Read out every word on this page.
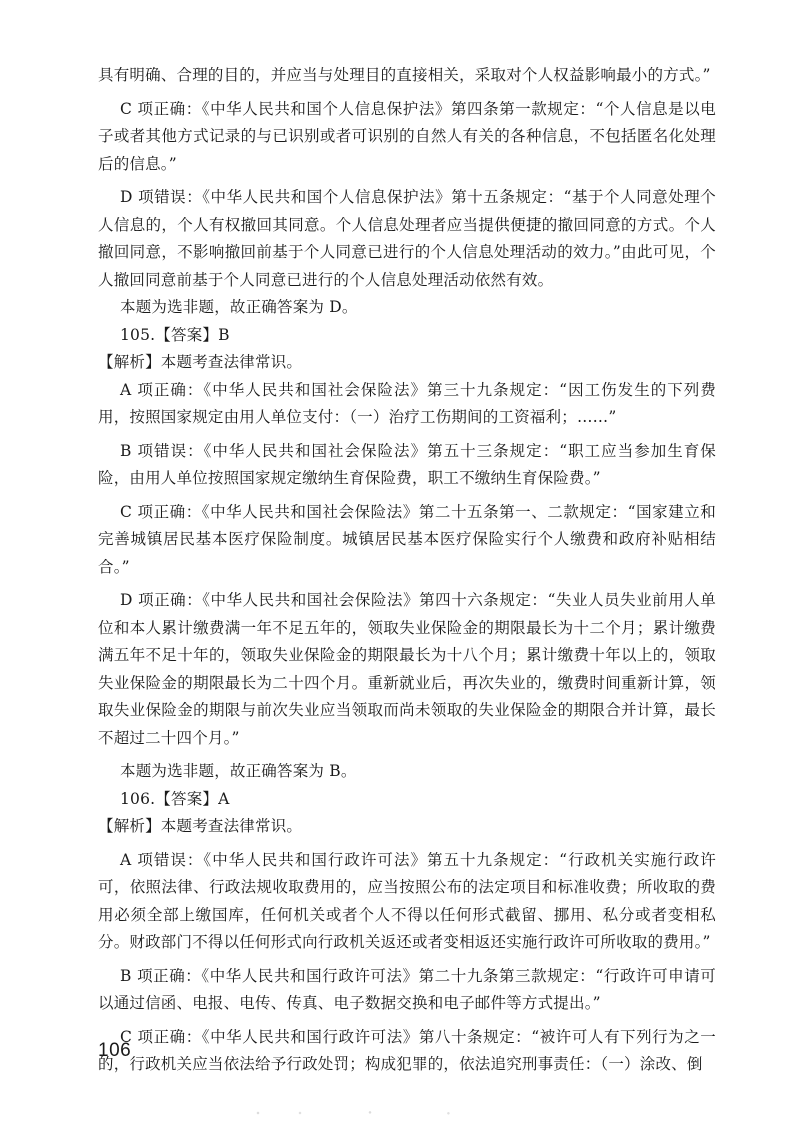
具有明确、合理的目的，并应当与处理目的直接相关，采取对个人权益影响最小的方式。”

C 项正确：《中华人民共和国个人信息保护法》第四条第一款规定：“个人信息是以电子或者其他方式记录的与已识别或者可识别的自然人有关的各种信息，不包括匿名化处理后的信息。”

D 项错误：《中华人民共和国个人信息保护法》第十五条规定：“基于个人同意处理个人信息的，个人有权撤回其同意。个人信息处理者应当提供便捷的撤回同意的方式。个人撤回同意，不影响撤回前基于个人同意已进行的个人信息处理活动的效力。”由此可见，个人撤回同意前基于个人同意已进行的个人信息处理活动依然有效。

本题为选非题，故正确答案为 D。

105.【答案】B

【解析】本题考查法律常识。

A 项正确：《中华人民共和国社会保险法》第三十九条规定：“因工伤发生的下列费用，按照国家规定由用人单位支付：（一）治疗工伤期间的工资福利；……”

B 项错误：《中华人民共和国社会保险法》第五十三条规定：“职工应当参加生育保险，由用人单位按照国家规定缴纳生育保险费，职工不缴纳生育保险费。”

C 项正确：《中华人民共和国社会保险法》第二十五条第一、二款规定：“国家建立和完善城镇居民基本医疗保险制度。城镇居民基本医疗保险实行个人缴费和政府补贴相结合。”

D 项正确：《中华人民共和国社会保险法》第四十六条规定：“失业人员失业前用人单位和本人累计缴费满一年不足五年的，领取失业保险金的期限最长为十二个月；累计缴费满五年不足十年的，领取失业保险金的期限最长为十八个月；累计缴费十年以上的，领取失业保险金的期限最长为二十四个月。重新就业后，再次失业的，缴费时间重新计算，领取失业保险金的期限与前次失业应当领取而尚未领取的失业保险金的期限合并计算，最长不超过二十四个月。”

本题为选非题，故正确答案为 B。

106.【答案】A

【解析】本题考查法律常识。

A 项错误：《中华人民共和国行政许可法》第五十九条规定：“行政机关实施行政许可，依照法律、行政法规收取费用的，应当按照公布的法定项目和标准收费；所收取的费用必须全部上缴国库，任何机关或者个人不得以任何形式截留、挪用、私分或者变相私分。财政部门不得以任何形式向行政机关返还或者变相返还实施行政许可所收取的费用。”

B 项正确：《中华人民共和国行政许可法》第二十九条第三款规定：“行政许可申请可以通过信函、电报、电传、传真、电子数据交换和电子邮件等方式提出。”

C 项正确：《中华人民共和国行政许可法》第八十条规定：“被许可人有下列行为之一的，行政机关应当依法给予行政处罚；构成犯罪的，依法追究刑事责任：（一）涂改、倒

106
